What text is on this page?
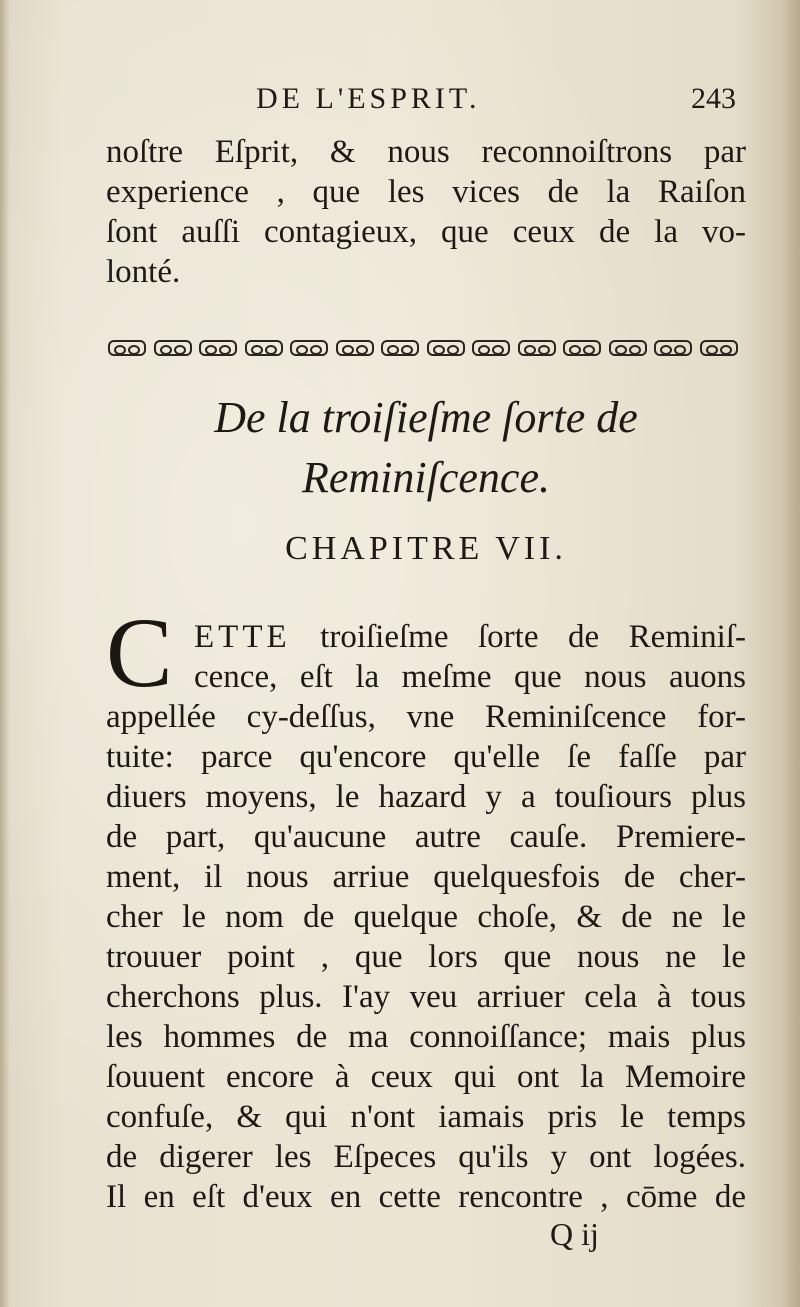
DE L'ESPRIT.	243
noſtre Eſprit, & nous reconnoiſtrons par
experience , que les vices de la Raiſon
ſont auſſi contagieux, que ceux de la vo-
lonté.
De la troiſieſme ſorte de
Reminiſcence.
CHAPITRE VII.
C ETTE troiſieſme ſorte de Reminiſ-
cence, eſt la meſme que nous auons
appellée cy-deſſus, vne Reminiſcence for-
tuite: parce qu'encore qu'elle ſe faſſe par
diuers moyens, le hazard y a touſiours plus
de part, qu'aucune autre cauſe. Premiere-
ment, il nous arriue quelquesfois de cher-
cher le nom de quelque choſe, & de ne le
trouuer point , que lors que nous ne le
cherchons plus. I'ay veu arriuer cela à tous
les hommes de ma connoiſſance; mais plus
ſouuent encore à ceux qui ont la Memoire
confuſe, & qui n'ont iamais pris le temps
de digerer les Eſpeces qu'ils y ont logées.
Il en eſt d'eux en cette rencontre , cōme de
Q ij
